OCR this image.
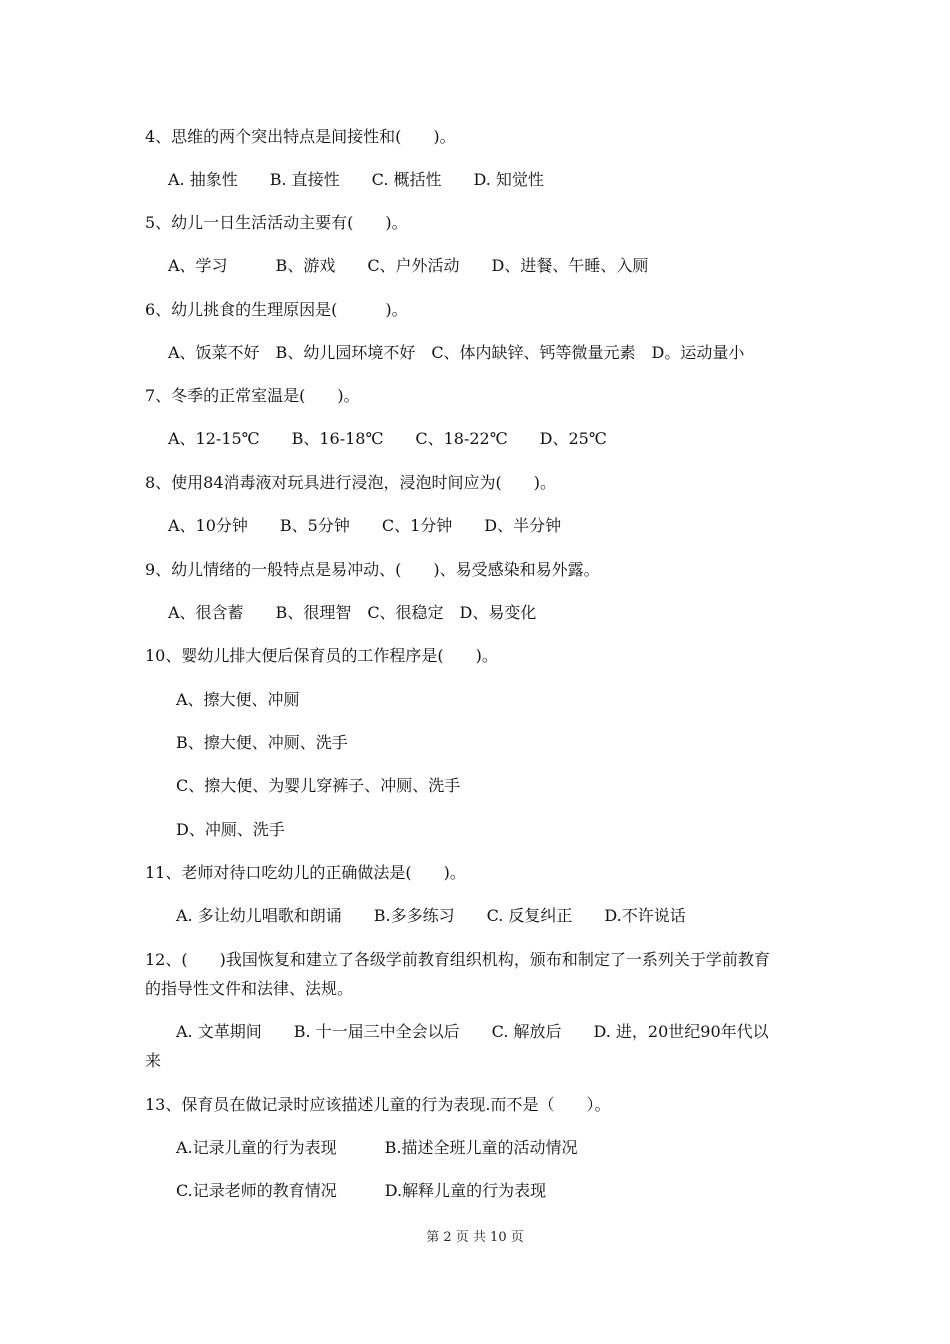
4、思维的两个突出特点是间接性和(　　)。
A. 抽象性　　B. 直接性　　C. 概括性　　D. 知觉性
5、幼儿一日生活活动主要有(　　)。
A、学习　　　B、游戏　　C、户外活动　　D、进餐、午睡、入厕
6、幼儿挑食的生理原因是(　　　)。
A、饭菜不好　B、幼儿园环境不好　C、体内缺锌、钙等微量元素　D。运动量小
7、冬季的正常室温是(　　)。
A、12-15℃　　B、16-18℃　　C、18-22℃　　D、25℃
8、使用84消毒液对玩具进行浸泡，浸泡时间应为(　　)。
A、10分钟　　B、5分钟　　C、1分钟　　D、半分钟
9、幼儿情绪的一般特点是易冲动、(　　)、易受感染和易外露。
A、很含蓄　　B、很理智　C、很稳定　D、易变化
10、婴幼儿排大便后保育员的工作程序是(　　)。
A、擦大便、冲厕
B、擦大便、冲厕、洗手
C、擦大便、为婴儿穿裤子、冲厕、洗手
D、冲厕、洗手
11、老师对待口吃幼儿的正确做法是(　　)。
A. 多让幼儿唱歌和朗诵　　B.多多练习　　C. 反复纠正　　D.不许说话
12、(　　)我国恢复和建立了各级学前教育组织机构，颁布和制定了一系列关于学前教育
的指导性文件和法律、法规。
A. 文革期间　　B. 十一届三中全会以后　　C. 解放后　　D. 进，20世纪90年代以
来
13、保育员在做记录时应该描述儿童的行为表现.而不是（　　）。
A.记录儿童的行为表现　　　B.描述全班儿童的活动情况
C.记录老师的教育情况　　　D.解释儿童的行为表现
第 2 页 共 10 页
